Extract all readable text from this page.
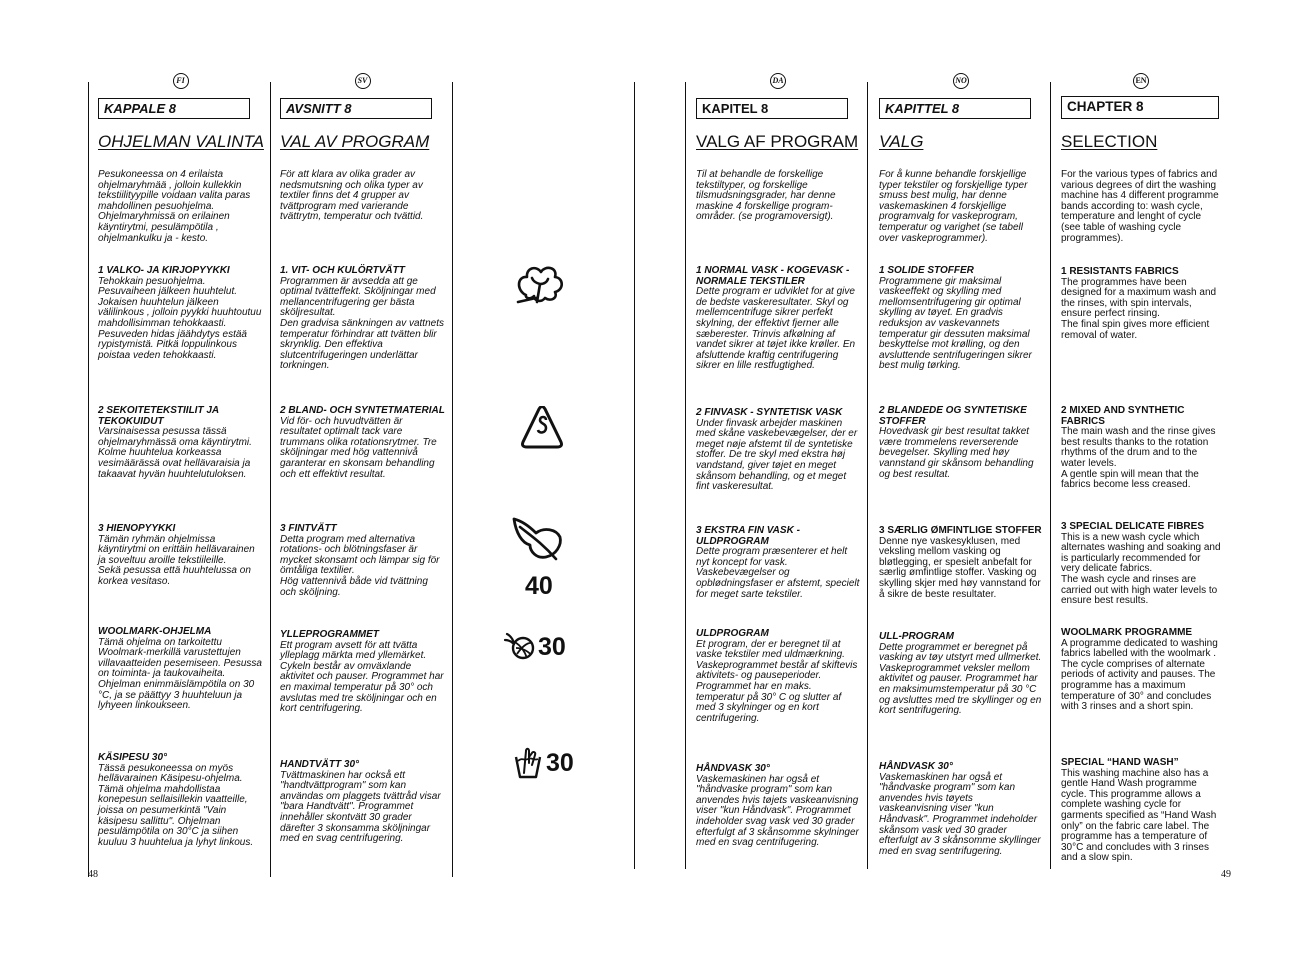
FI
KAPPALE 8
OHJELMAN VALINTA

Pesukoneessa on 4 erilaista ohjelmaryhmää , jolloin kullekkin tekstiilityypille voidaan valita paras mahdollinen pesuohjelma.
Ohjelmaryhmissä on erilainen käyntirytmi, pesulämpötila , ohjelmankulku ja - kesto.

1 VALKO- JA KIRJOPYYKKI

Tehokkain pesuohjelma.
Pesuvaiheen jälkeen huuhtelut. Jokaisen huuhtelun jälkeen välilinkous , jolloin pyykki huuhtoutuu mahdollisimman tehokkaasti.
Pesuveden hidas jäähdytys estää rypistymistä. Pitkä loppulinkous poistaa veden tehokkaasti.

2 SEKOITETEKSTIILIT JA TEKOKUIDUT

Varsinaisessa pesussa tässä ohjelmaryhmässä oma käyntirytmi. Kolme huuhtelua korkeassa vesimäärässä ovat hellävaraisia ja takaavat hyvän huuhtelutuloksen.

3 HIENOPYYKKI

Tämän ryhmän ohjelmissa käyntirytmi on erittäin hellävarainen ja soveltuu aroille tekstiileille.
Sekä pesussa että huuhtelussa on korkea vesitaso.

WOOLMARK-OHJELMA

Tämä ohjelma on tarkoitettu Woolmark-merkillä varustettujen villavaatteiden pesemiseen. Pesussa on toiminta- ja taukovaiheita. Ohjelman enimmäislämpötila on 30 °C, ja se päättyy 3 huuhteluun ja lyhyeen linkoukseen.

KÄSIPESU 30°

Tässä pesukoneessa on myös hellävarainen Käsipesu-ohjelma. Tämä ohjelma mahdollistaa konepesun sellaisillekin vaatteille, joissa on pesumerkintä "Vain käsipesu sallittu". Ohjelman pesulämpötila on 30°C ja siihen kuuluu 3 huuhtelua ja lyhyt linkous.

SV
AVSNITT 8
VAL AV PROGRAM

För att klara av olika grader av nedsmutsning och olika typer av textiler finns det 4 grupper av tvättprogram med varierande tvättrytm, temperatur och tvättid.

1. VIT- OCH KULÖRTVÄTT

Programmen är avsedda att ge optimal tvätteffekt. Sköljningar med mellancentrifugering ger bästa sköljresultat.
Den gradvisa sänkningen av vattnets temperatur förhindrar att tvätten blir skrynklig. Den effektiva slutcentrifugeringen underlättar torkningen.

2 BLAND- OCH SYNTETMATERIAL

Vid för- och huvudtvätten är resultatet optimalt tack vare trummans olika rotationsrytmer. Tre sköljningar med hög vattennivå garanterar en skonsam behandling och ett effektivt resultat.

3 FINTVÄTT

Detta program med alternativa rotations- och blötningsfaser är mycket skonsamt och lämpar sig för ömtåliga textilier.
Hög vattennivå både vid tvättning och sköljning.

YLLEPROGRAMMET

Ett program avsett för att tvätta ylleplagg märkta med yllemärket. Cykeln består av omväxlande aktivitet och pauser. Programmet har en maximal temperatur på 30° och avslutas med tre sköljningar och en kort centrifugering.

HANDTVÄTT 30°

Tvättmaskinen har också ett "handtvättprogram" som kan användas om plaggets tvättråd visar "bara Handtvätt". Programmet innehåller skontvätt 30 grader därefter 3 skonsamma sköljningar med en svag centrifugering.

40
30
30
DA
KAPITEL 8
VALG AF PROGRAM

Til at behandle de forskellige tekstiltyper, og forskellige tilsmudsningsgrader, har denne maskine 4 forskellige program-områder. (se programoversigt).

1 NORMAL VASK - KOGEVASK - NORMALE TEKSTILER

Dette program er udviklet for at give de bedste vaskeresultater. Skyl og mellemcentrifuge sikrer perfekt skylning, der effektivt fjerner alle sæberester. Trinvis afkølning af vandet sikrer at tøjet ikke krøller. En afsluttende kraftig centrifugering sikrer en lille restfugtighed.

2 FINVASK - SYNTETISK VASK

Under finvask arbejder maskinen med skåne vaskebevægelser, der er meget nøje afstemt til de syntetiske stoffer. De tre skyl med ekstra høj vandstand, giver tøjet en meget skånsom behandling, og et meget fint vaskeresultat.

3 EKSTRA FIN VASK - ULDPROGRAM

Dette program præsenterer et helt nyt koncept for vask. Vaskebevægelser og opblødningsfaser er afstemt, specielt for meget sarte tekstiler.

ULDPROGRAM

Et program, der er beregnet til at vaske tekstiler med uldmærkning.
Vaskeprogrammet består af skiftevis aktivitets- og pauseperioder. Programmet har en maks. temperatur på 30° C og slutter af med 3 skylninger og en kort centrifugering.

HÅNDVASK 30°

Vaskemaskinen har også et "håndvaske program" som kan anvendes hvis tøjets vaskeanvisning viser "kun Håndvask". Programmet indeholder svag vask ved 30 grader efterfulgt af 3 skånsomme skylninger med en svag centrifugering.

NO
KAPITTEL 8
VALG

For å kunne behandle forskjellige typer tekstiler og forskjellige typer smuss best mulig, har denne vaskemaskinen 4 forskjellige programvalg for vaskeprogram, temperatur og varighet (se tabell over vaskeprogrammer).

1 SOLIDE STOFFER

Programmene gir maksimal vaskeeffekt og skylling med mellomsentrifugering gir optimal skylling av tøyet. En gradvis reduksjon av vaskevannets temperatur gir dessuten maksimal beskyttelse mot krølling, og den avsluttende sentrifugeringen sikrer best mulig tørking.

2 BLANDEDE OG SYNTETISKE STOFFER

Hovedvask gir best resultat takket være trommelens reverserende bevegelser. Skylling med høy vannstand gir skånsom behandling og best resultat.

3 SÆRLIG ØMFINTLIGE STOFFER

Denne nye vaskesyklusen, med veksling mellom vasking og bløtlegging, er spesielt anbefalt for særlig ømfintlige stoffer. Vasking og skylling skjer med høy vannstand for å sikre de beste resultater.

ULL-PROGRAM

Dette programmet er beregnet på vasking av tøy utstyrt med ullmerket. Vaskeprogrammet veksler mellom aktivitet og pauser. Programmet har en maksimumstemperatur på 30 °C og avsluttes med tre skyllinger og en kort sentrifugering.

HÅNDVASK 30°

Vaskemaskinen har også et "håndvaske program" som kan anvendes hvis tøyets vaskeanvisning viser "kun Håndvask". Programmet indeholder skånsom vask ved 30 grader efterfulgt av 3 skånsomme skyllinger med en svag sentrifugering.

EN
CHAPTER 8
SELECTION

For the various types of fabrics and various degrees of dirt the washing machine has 4 different programme bands according to: wash cycle, temperature and lenght of cycle (see table of washing cycle programmes).

1 RESISTANTS FABRICS

The programmes have been designed for a maximum wash and the rinses, with spin intervals, ensure perfect rinsing.
The final spin gives more efficient removal of water.

2 MIXED AND SYNTHETIC FABRICS

The main wash and the rinse gives best results thanks to the rotation rhythms of the drum and to the water levels.
A gentle spin will mean that the fabrics become less creased.

3 SPECIAL DELICATE FIBRES

This is a new wash cycle which alternates washing and soaking and is particularly recommended for very delicate fabrics.
The wash cycle and rinses are carried out with high water levels to ensure best results.

WOOLMARK PROGRAMME

A programme dedicated to washing fabrics labelled with the woolmark . The cycle comprises of alternate periods of activity and pauses. The programme has a maximum temperature of 30° and concludes with 3 rinses and a short spin.

SPECIAL “HAND WASH”

This washing machine also has a gentle Hand Wash programme cycle. This programme allows a complete washing cycle for garments specified as “Hand Wash only” on the fabric care label. The programme has a temperature of 30°C and concludes with 3 rinses and a slow spin.

48	49
